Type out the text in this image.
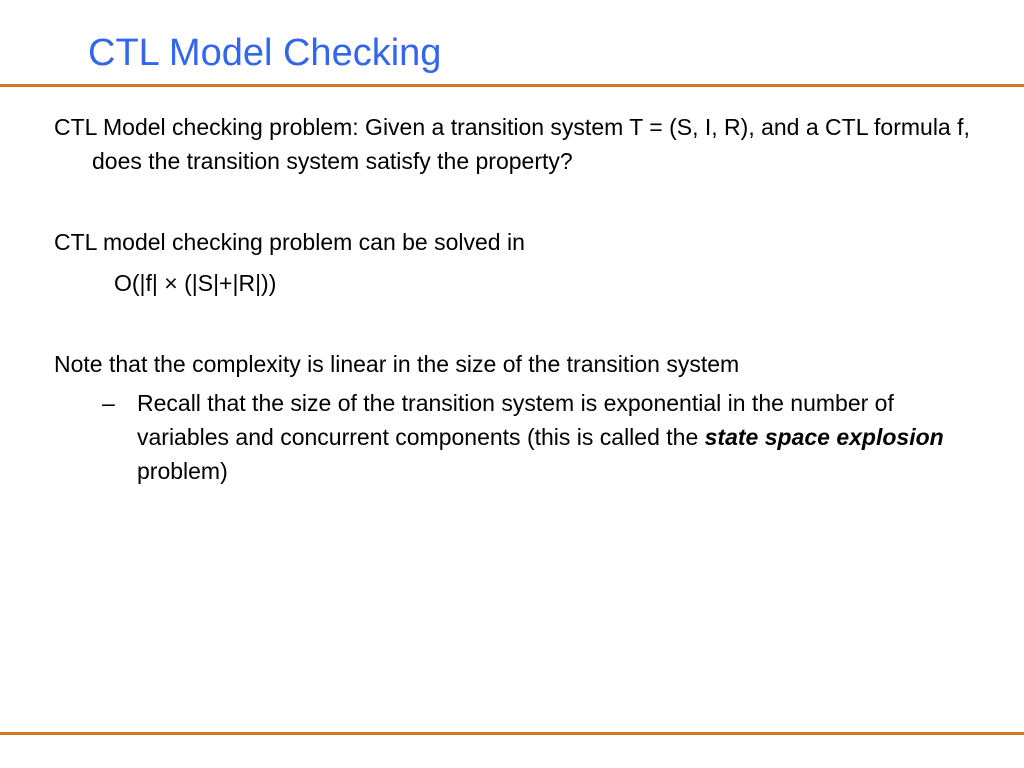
CTL Model Checking

CTL Model checking problem: Given a transition system T = (S, I, R), and a CTL formula f, does the transition system satisfy the property?

CTL model checking problem can be solved in

O(|f| × (|S|+|R|))

Note that the complexity is linear in the size of the transition system

– Recall that the size of the transition system is exponential in the number of variables and concurrent components (this is called the state space explosion problem)
